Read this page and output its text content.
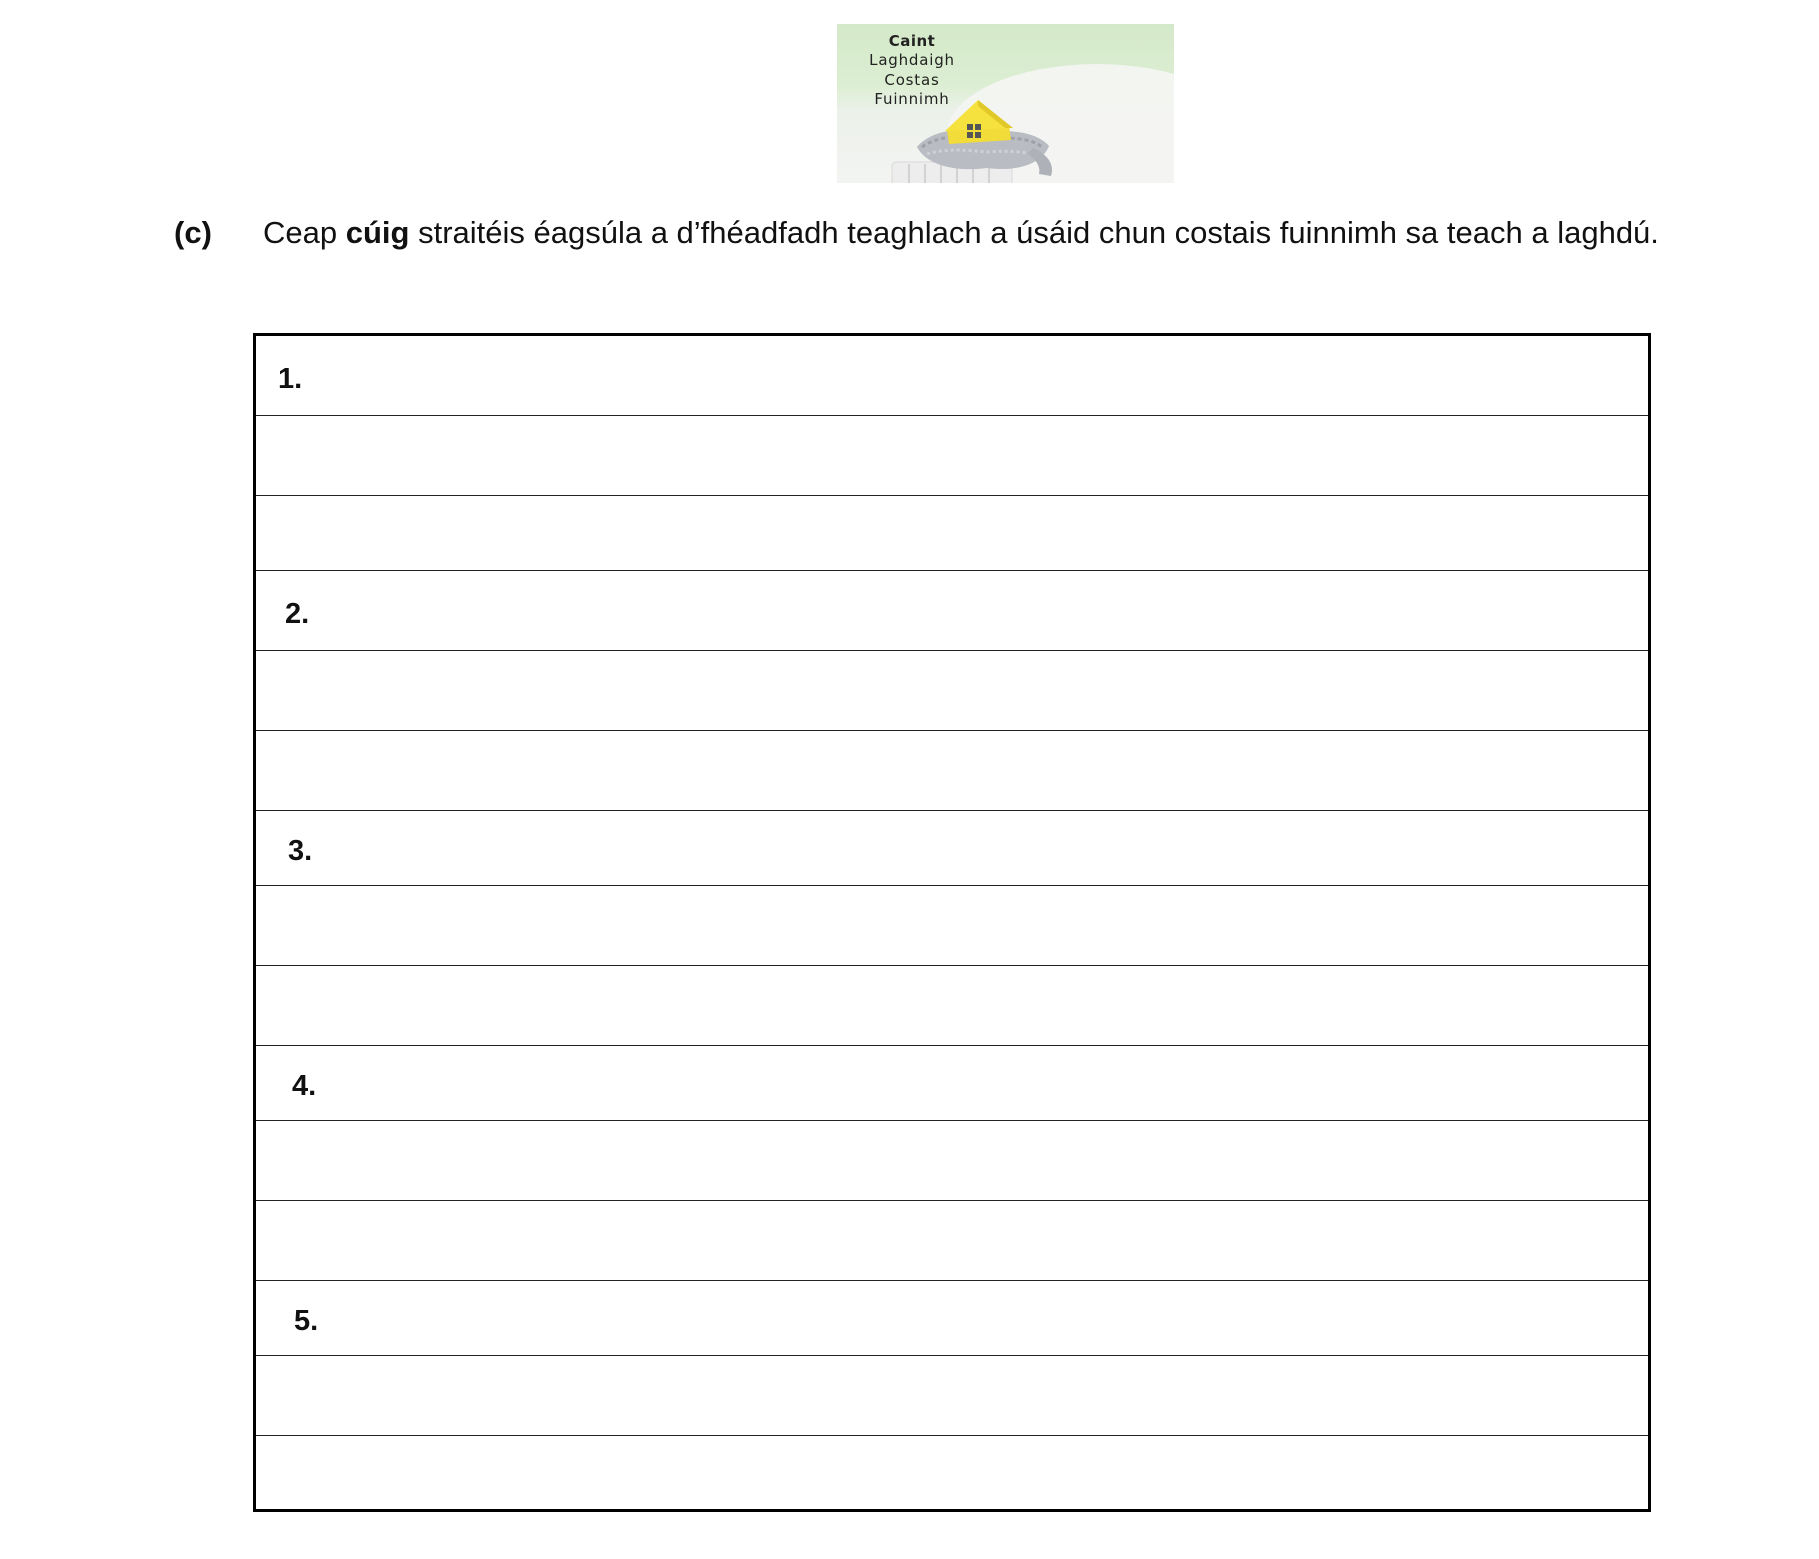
Caint
Laghdaigh
Costas
Fuinnimh
(c) Ceap cúig straitéis éagsúla a d’fhéadfadh teaghlach a úsáid chun costais fuinnimh sa teach a laghdú.
1.
2.
3.
4.
5.
